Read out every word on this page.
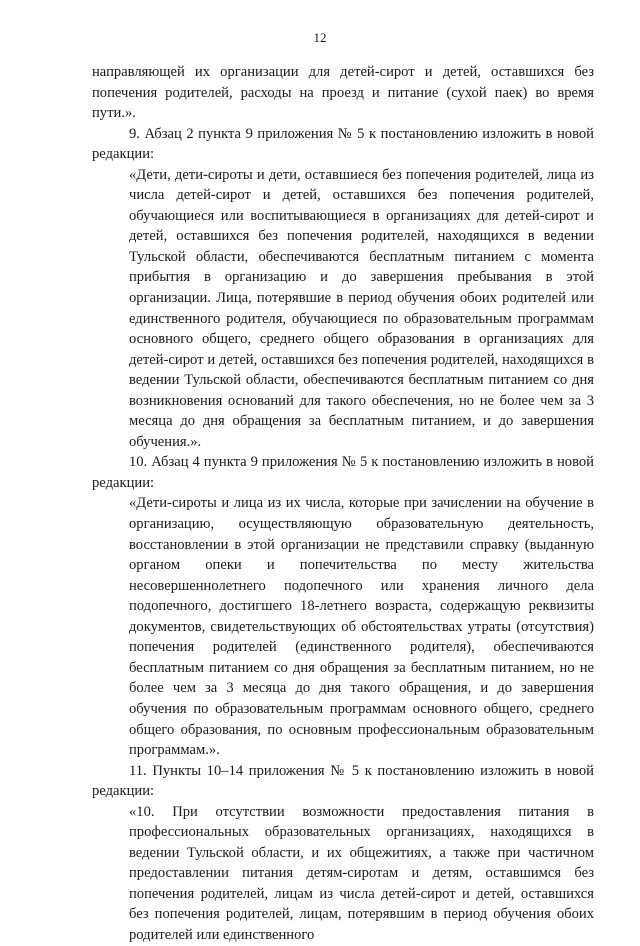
12

направляющей их организации для детей-сирот и детей, оставшихся без попечения родителей, расходы на проезд и питание (сухой паек) во время пути.».

9. Абзац 2 пункта 9 приложения № 5 к постановлению изложить в новой редакции:

«Дети, дети-сироты и дети, оставшиеся без попечения родителей, лица из числа детей-сирот и детей, оставшихся без попечения родителей, обучающиеся или воспитывающиеся в организациях для детей-сирот и детей, оставшихся без попечения родителей, находящихся в ведении Тульской области, обеспечиваются бесплатным питанием с момента прибытия в организацию и до завершения пребывания в этой организации. Лица, потерявшие в период обучения обоих родителей или единственного родителя, обучающиеся по образовательным программам основного общего, среднего общего образования в организациях для детей-сирот и детей, оставшихся без попечения родителей, находящихся в ведении Тульской области, обеспечиваются бесплатным питанием со дня возникновения оснований для такого обеспечения, но не более чем за 3 месяца до дня обращения за бесплатным питанием, и до завершения обучения.».

10. Абзац 4 пункта 9 приложения № 5 к постановлению изложить в новой редакции:

«Дети-сироты и лица из их числа, которые при зачислении на обучение в организацию, осуществляющую образовательную деятельность, восстановлении в этой организации не представили справку (выданную органом опеки и попечительства по месту жительства несовершеннолетнего подопечного или хранения личного дела подопечного, достигшего 18-летнего возраста, содержащую реквизиты документов, свидетельствующих об обстоятельствах утраты (отсутствия) попечения родителей (единственного родителя), обеспечиваются бесплатным питанием со дня обращения за бесплатным питанием, но не более чем за 3 месяца до дня такого обращения, и до завершения обучения по образовательным программам основного общего, среднего общего образования, по основным профессиональным образовательным программам.».

11. Пункты 10–14 приложения № 5 к постановлению изложить в новой редакции:

«10. При отсутствии возможности предоставления питания в профессиональных образовательных организациях, находящихся в ведении Тульской области, и их общежитиях, а также при частичном предоставлении питания детям-сиротам и детям, оставшимся без попечения родителей, лицам из числа детей-сирот и детей, оставшихся без попечения родителей, лицам, потерявшим в период обучения обоих родителей или единственного
